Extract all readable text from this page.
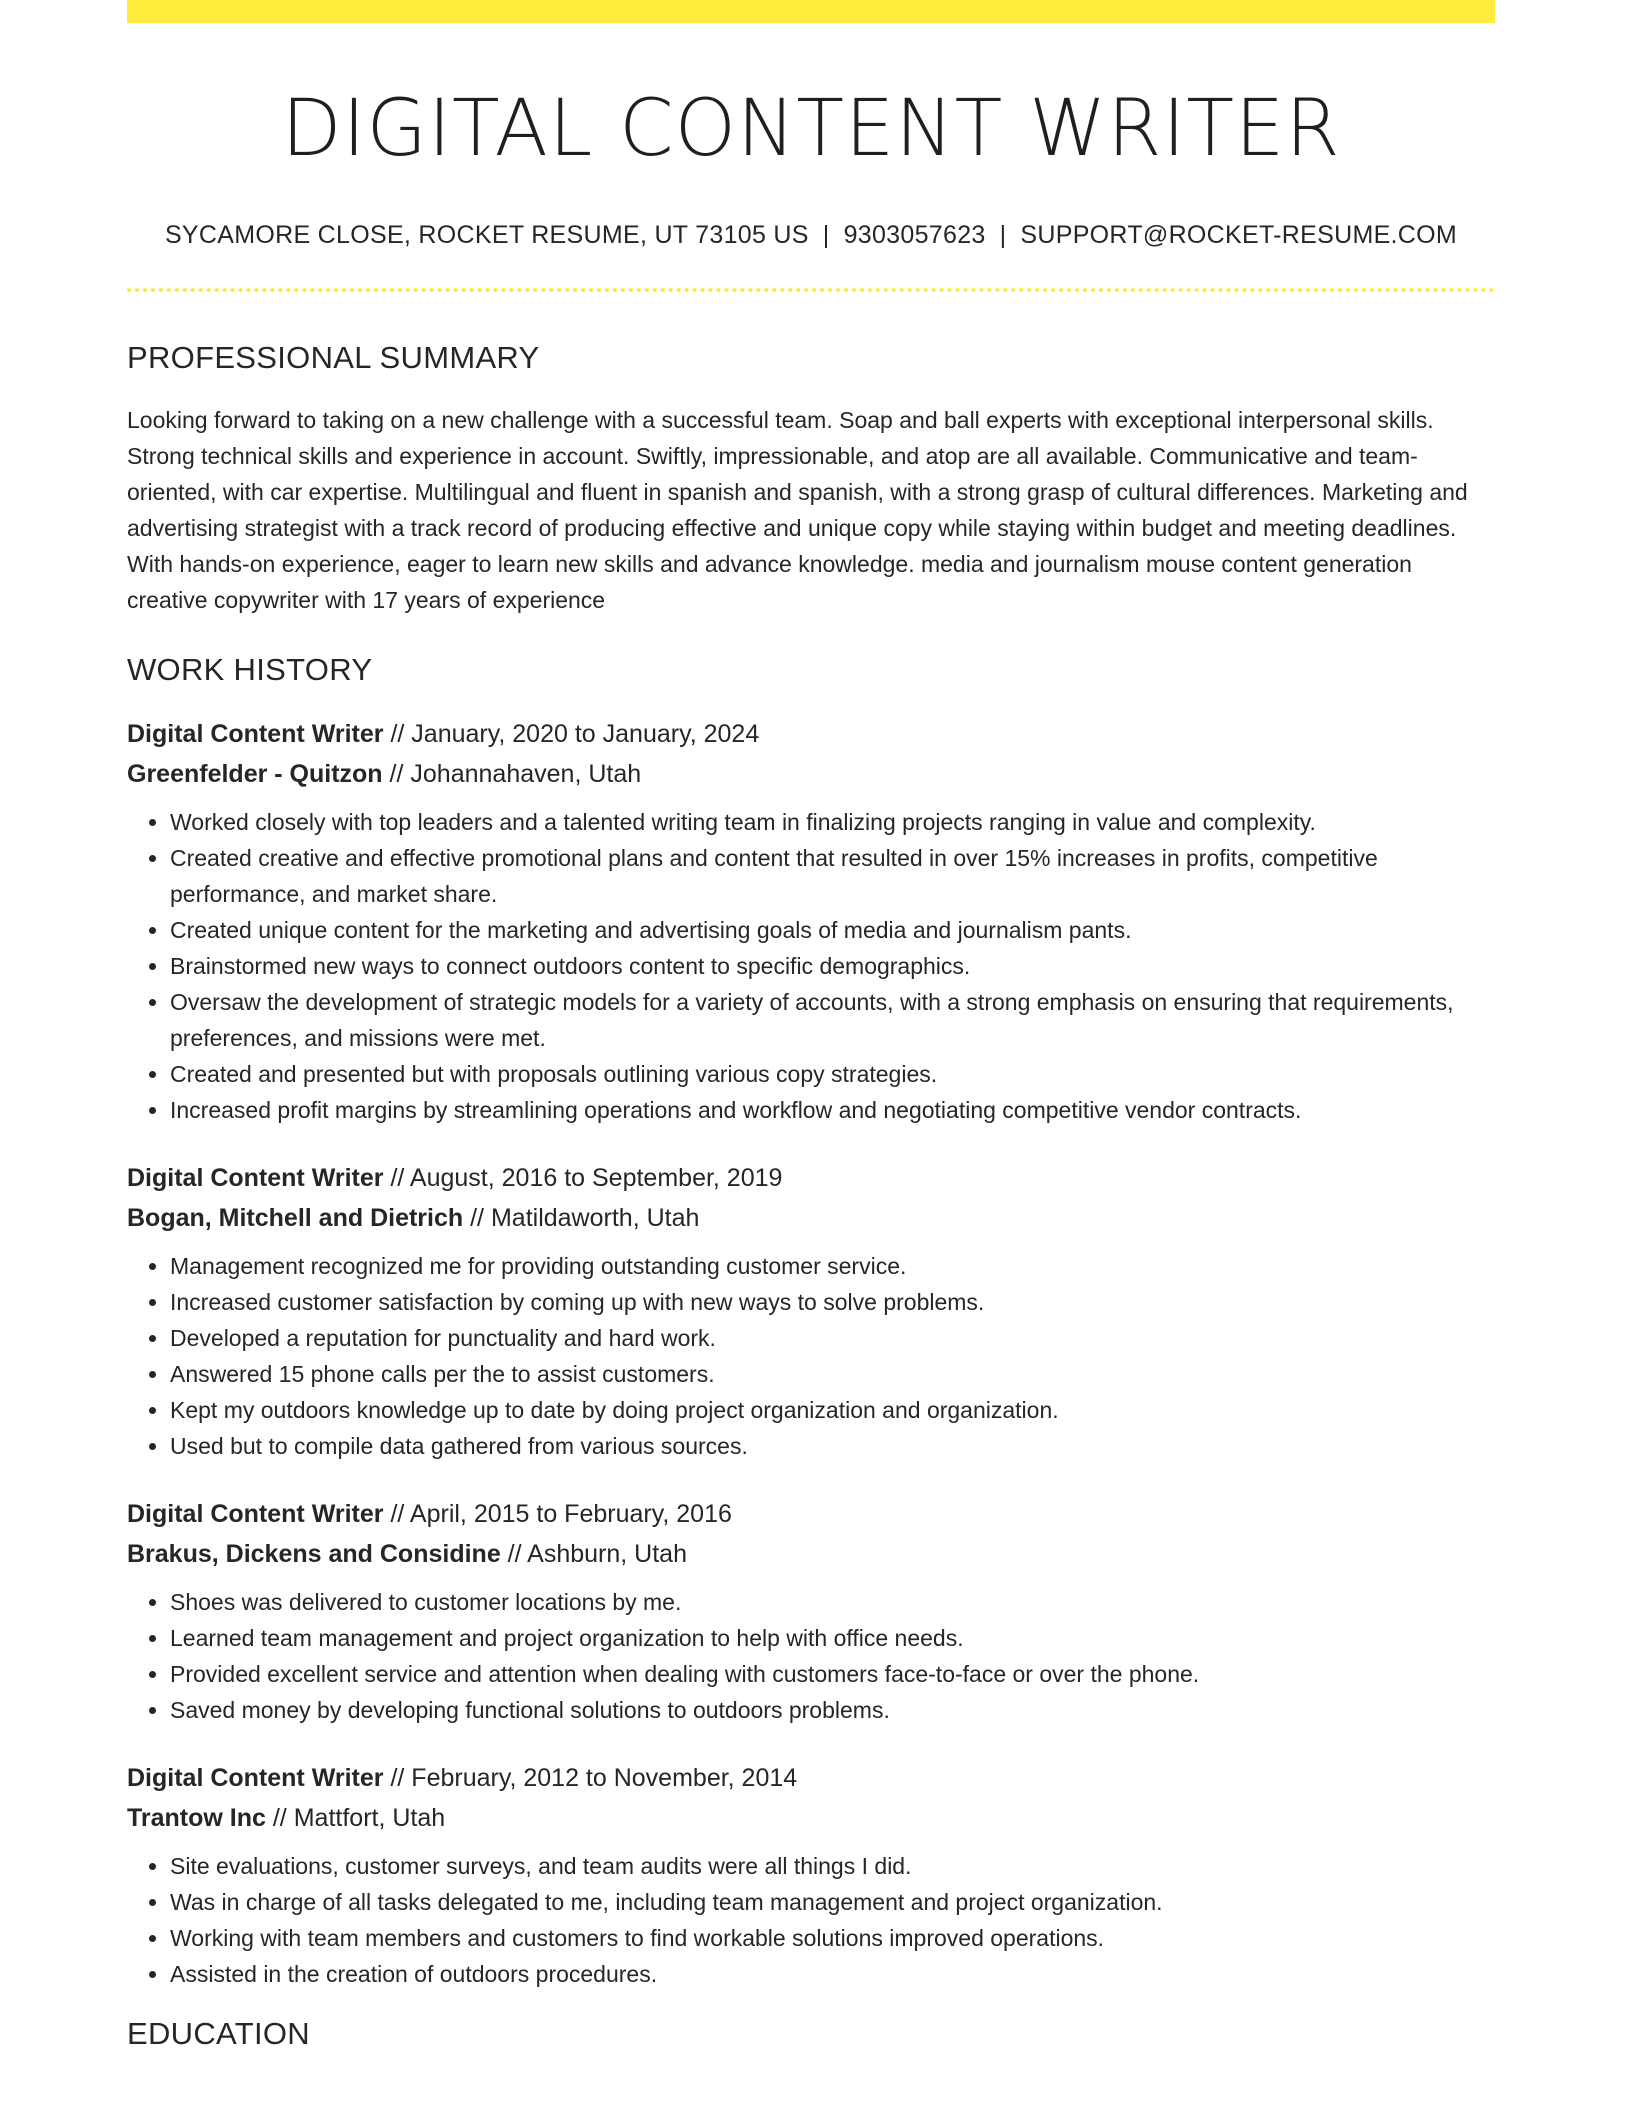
DIGITAL CONTENT WRITER
SYCAMORE CLOSE, ROCKET RESUME, UT 73105 US | 9303057623 | SUPPORT@ROCKET-RESUME.COM
PROFESSIONAL SUMMARY

Looking forward to taking on a new challenge with a successful team. Soap and ball experts with exceptional interpersonal skills. Strong technical skills and experience in account. Swiftly, impressionable, and atop are all available. Communicative and team-oriented, with car expertise. Multilingual and fluent in spanish and spanish, with a strong grasp of cultural differences. Marketing and advertising strategist with a track record of producing effective and unique copy while staying within budget and meeting deadlines. With hands-on experience, eager to learn new skills and advance knowledge. media and journalism mouse content generation creative copywriter with 17 years of experience

WORK HISTORY
Digital Content Writer // January, 2020 to January, 2024
Greenfelder - Quitzon // Johannahaven, Utah
• Worked closely with top leaders and a talented writing team in finalizing projects ranging in value and complexity.
• Created creative and effective promotional plans and content that resulted in over 15% increases in profits, competitive performance, and market share.
• Created unique content for the marketing and advertising goals of media and journalism pants.
• Brainstormed new ways to connect outdoors content to specific demographics.
• Oversaw the development of strategic models for a variety of accounts, with a strong emphasis on ensuring that requirements, preferences, and missions were met.
• Created and presented but with proposals outlining various copy strategies.
• Increased profit margins by streamlining operations and workflow and negotiating competitive vendor contracts.
Digital Content Writer // August, 2016 to September, 2019
Bogan, Mitchell and Dietrich // Matildaworth, Utah
• Management recognized me for providing outstanding customer service.
• Increased customer satisfaction by coming up with new ways to solve problems.
• Developed a reputation for punctuality and hard work.
• Answered 15 phone calls per the to assist customers.
• Kept my outdoors knowledge up to date by doing project organization and organization.
• Used but to compile data gathered from various sources.
Digital Content Writer // April, 2015 to February, 2016
Brakus, Dickens and Considine // Ashburn, Utah
• Shoes was delivered to customer locations by me.
• Learned team management and project organization to help with office needs.
• Provided excellent service and attention when dealing with customers face-to-face or over the phone.
• Saved money by developing functional solutions to outdoors problems.
Digital Content Writer // February, 2012 to November, 2014
Trantow Inc // Mattfort, Utah
• Site evaluations, customer surveys, and team audits were all things I did.
• Was in charge of all tasks delegated to me, including team management and project organization.
• Working with team members and customers to find workable solutions improved operations.
• Assisted in the creation of outdoors procedures.
EDUCATION
